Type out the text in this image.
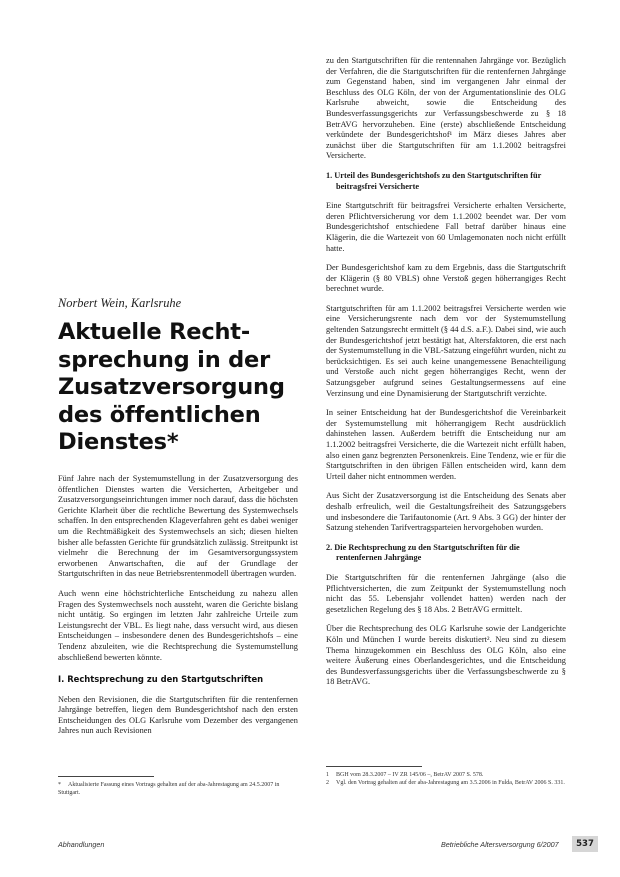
zu den Startgutschriften für die rentennahen Jahrgänge vor. Bezüglich der Verfahren, die die Startgutschriften für die rentenfernen Jahrgänge zum Gegenstand haben, sind im vergangenen Jahr einmal der Beschluss des OLG Köln, der von der Argumentationslinie des OLG Karlsruhe abweicht, sowie die Entscheidung des Bundesverfassungsgerichts zur Verfassungsbeschwerde zu § 18 BetrAVG hervorzuheben. Eine (erste) abschließende Entscheidung verkündete der Bundesgerichtshof¹ im März dieses Jahres aber zunächst über die Startgutschriften für am 1.1.2002 beitragsfrei Versicherte.

1. Urteil des Bundesgerichtshofs zu den Startgutschriften für beitragsfrei Versicherte

Eine Startgutschrift für beitragsfrei Versicherte erhalten Versicherte, deren Pflichtversicherung vor dem 1.1.2002 beendet war. Der vom Bundesgerichtshof entschiedene Fall betraf darüber hinaus eine Klägerin, die die Wartezeit von 60 Umlagemonaten noch nicht erfüllt hatte.

Der Bundesgerichtshof kam zu dem Ergebnis, dass die Startgutschrift der Klägerin (§ 80 VBLS) ohne Verstoß gegen höherrangiges Recht berechnet wurde.

Startgutschriften für am 1.1.2002 beitragsfrei Versicherte werden wie eine Versicherungsrente nach dem vor der Systemumstellung geltenden Satzungsrecht ermittelt (§ 44 d.S. a.F.). Dabei sind, wie auch der Bundesgerichtshof jetzt bestätigt hat, Altersfaktoren, die erst nach der Systemumstellung in die VBL-Satzung eingeführt wurden, nicht zu berücksichtigen. Es sei auch keine unangemessene Benachteiligung und Verstoße auch nicht gegen höherrangiges Recht, wenn der Satzungsgeber aufgrund seines Gestaltungsermessens auf eine Verzinsung und eine Dynamisierung der Startgutschrift verzichte.

In seiner Entscheidung hat der Bundesgerichtshof die Vereinbarkeit der Systemumstellung mit höherrangigem Recht ausdrücklich dahinstehen lassen. Außerdem betrifft die Entscheidung nur am 1.1.2002 beitragsfrei Versicherte, die die Wartezeit nicht erfüllt haben, also einen ganz begrenzten Personenkreis. Eine Tendenz, wie er für die Startgutschriften in den übrigen Fällen entscheiden wird, kann dem Urteil daher nicht entnommen werden.

Aus Sicht der Zusatzversorgung ist die Entscheidung des Senats aber deshalb erfreulich, weil die Gestaltungsfreiheit des Satzungsgebers und insbesondere die Tarifautonomie (Art. 9 Abs. 3 GG) der hinter der Satzung stehenden Tarifvertragsparteien hervorgehoben wurden.

2. Die Rechtsprechung zu den Startgutschriften für die rentenfernen Jahrgänge

Die Startgutschriften für die rentenfernen Jahrgänge (also die Pflichtversicherten, die zum Zeitpunkt der Systemumstellung noch nicht das 55. Lebensjahr vollendet hatten) werden nach der gesetzlichen Regelung des § 18 Abs. 2 BetrAVG ermittelt.

Über die Rechtsprechung des OLG Karlsruhe sowie der Landgerichte Köln und München I wurde bereits diskutiert². Neu sind zu diesem Thema hinzugekommen ein Beschluss des OLG Köln, also eine weitere Äußerung eines Oberlandesgerichtes, und die Entscheidung des Bundesverfassungsgerichts über die Verfassungsbeschwerde zu § 18 BetrAVG.

1 BGH vom 28.3.2007 – IV ZR 145/06 –, BetrAV 2007 S. 578.

2 Vgl. den Vortrag gehalten auf der aba-Jahrestagung am 3.5.2006 in Fulda, BetrAV 2006 S. 331.

Norbert Wein, Karlsruhe
Aktuelle Rechtsprechung in der Zusatzversorgung des öffentlichen Dienstes*

Fünf Jahre nach der Systemumstellung in der Zusatzversorgung des öffentlichen Dienstes warten die Versicherten, Arbeitgeber und Zusatzversorgungseinrichtungen immer noch darauf, dass die höchsten Gerichte Klarheit über die rechtliche Bewertung des Systemwechsels schaffen. In den entsprechenden Klageverfahren geht es dabei weniger um die Rechtmäßigkeit des Systemwechsels an sich; diesen hielten bisher alle befassten Gerichte für grundsätzlich zulässig. Streitpunkt ist vielmehr die Berechnung der im Gesamtversorgungssystem erworbenen Anwartschaften, die auf der Grundlage der Startgutschriften in das neue Betriebsrentenmodell übertragen wurden.

Auch wenn eine höchstrichterliche Entscheidung zu nahezu allen Fragen des Systemwechsels noch aussteht, waren die Gerichte bislang nicht untätig. So ergingen im letzten Jahr zahlreiche Urteile zum Leistungsrecht der VBL. Es liegt nahe, dass versucht wird, aus diesen Entscheidungen – insbesondere denen des Bundesgerichtshofs – eine Tendenz abzuleiten, wie die Rechtsprechung die Systemumstellung abschließend bewerten könnte.

I. Rechtsprechung zu den Startgutschriften

Neben den Revisionen, die die Startgutschriften für die rentenfernen Jahrgänge betreffen, liegen dem Bundesgerichtshof nach den ersten Entscheidungen des OLG Karlsruhe vom Dezember des vergangenen Jahres nun auch Revisionen

* Aktualisierte Fassung eines Vortrags gehalten auf der aba-Jahrestagung am 24.5.2007 in Stuttgart.

Abhandlungen	Betriebliche Altersversorgung 6/2007	537
